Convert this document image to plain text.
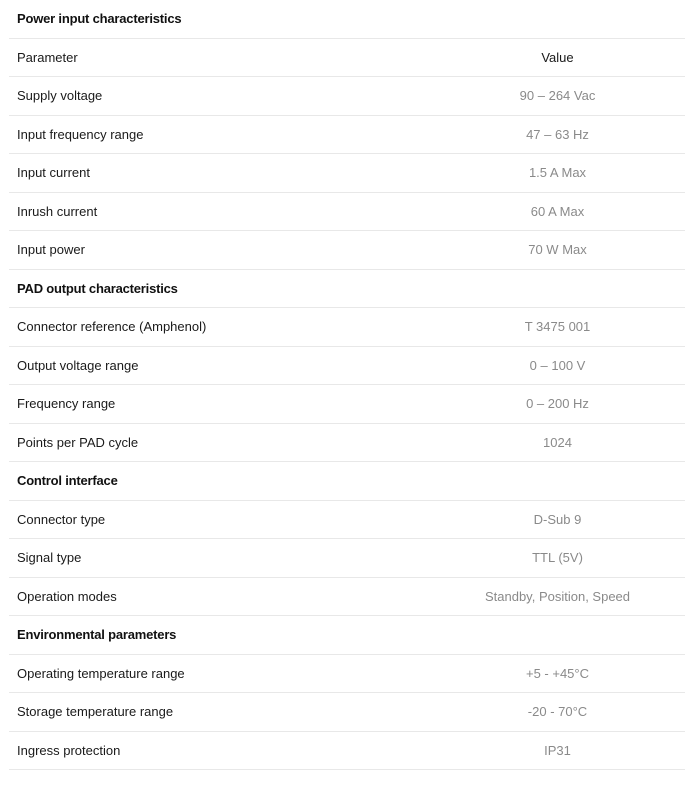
Power input characteristics
Parameter	Value
Supply voltage	90 – 264 Vac
Input frequency range	47 – 63 Hz
Input current	1.5 A Max
Inrush current	60 A Max
Input power	70 W Max
PAD output characteristics
Connector reference (Amphenol)	T 3475 001
Output voltage range	0 – 100 V
Frequency range	0 – 200 Hz
Points per PAD cycle	1024
Control interface
Connector type	D-Sub 9
Signal type	TTL (5V)
Operation modes	Standby, Position, Speed
Environmental parameters
Operating temperature range	+5 - +45°C
Storage temperature range	-20 - 70°C
Ingress protection	IP31
